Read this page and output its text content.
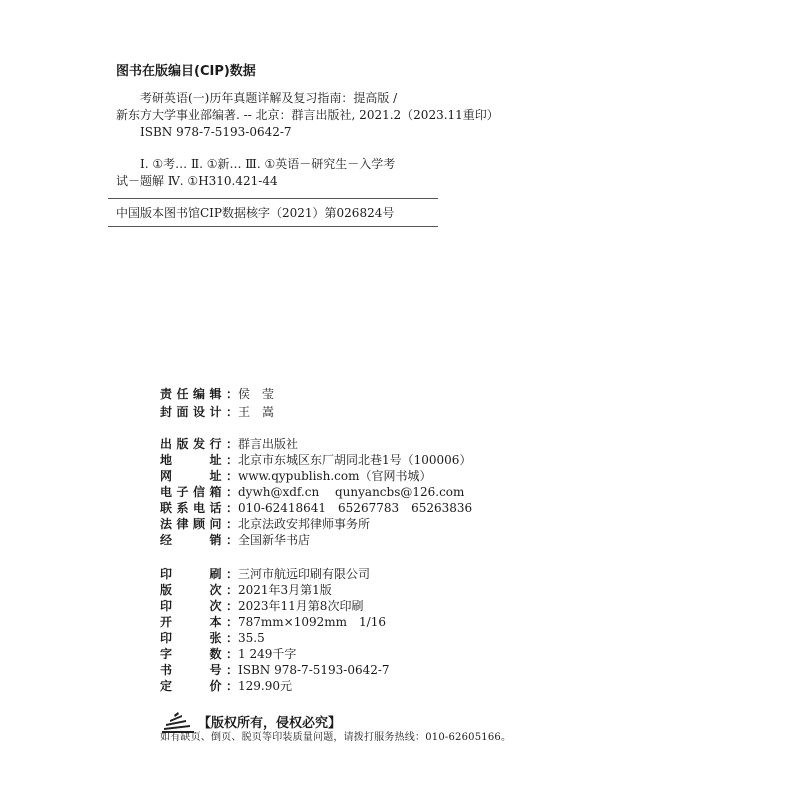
图书在版编目(CIP)数据
考研英语(一)历年真题详解及复习指南：提高版 /
新东方大学事业部编著. -- 北京：群言出版社, 2021.2（2023.11重印）
ISBN 978-7-5193-0642-7
Ⅰ. ①考… Ⅱ. ①新… Ⅲ. ①英语－研究生－入学考
试－题解 Ⅳ. ①H310.421-44
中国版本图书馆CIP数据核字（2021）第026824号
责任编辑：侯　莹
封面设计：王　嵩
出版发行：群言出版社
地　　址：北京市东城区东厂胡同北巷1号（100006）
网　　址：www.qypublish.com（官网书城）
电子信箱：dywh@xdf.cn　 qunyancbs@126.com
联系电话：010-62418641　65267783　65263836
法律顾问：北京法政安邦律师事务所
经　　销：全国新华书店
印　　刷：三河市航远印刷有限公司
版　　次：2021年3月第1版
印　　次：2023年11月第8次印刷
开　　本：787mm×1092mm　1/16
印　　张：35.5
字　　数：1 249千字
书　　号：ISBN 978-7-5193-0642-7
定　　价：129.90元
【版权所有，侵权必究】
如有缺页、倒页、脱页等印装质量问题，请拨打服务热线：010-62605166。
